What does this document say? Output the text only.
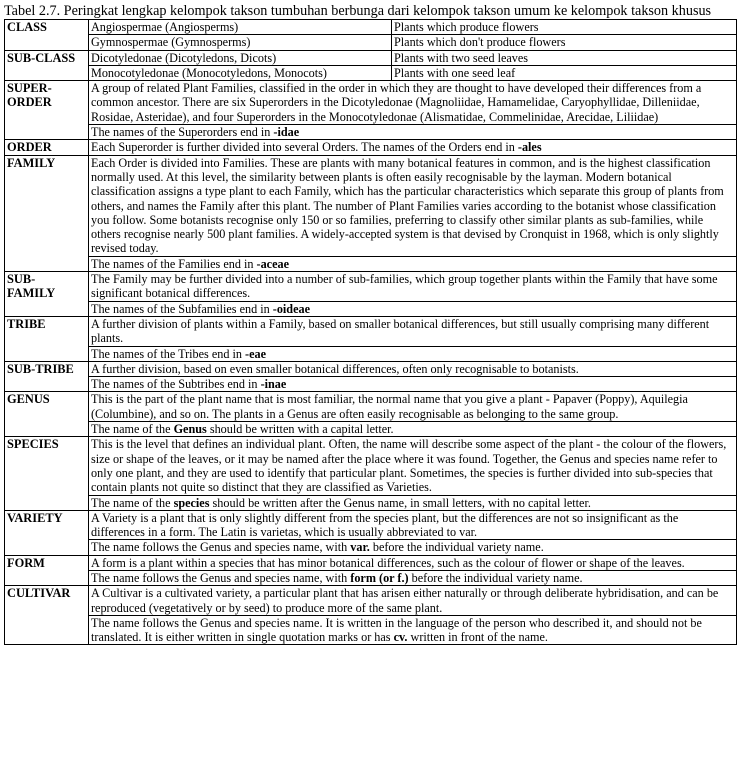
Tabel 2.7. Peringkat lengkap kelompok takson tumbuhan berbunga dari kelompok takson umum ke kelompok takson khusus
CLASS	Angiospermae (Angiosperms)	Plants which produce flowers
	Gymnospermae (Gymnosperms)	Plants which don't produce flowers
SUB-CLASS	Dicotyledonae (Dicotyledons, Dicots)	Plants with two seed leaves
	Monocotyledonae (Monocotyledons, Monocots)	Plants with one seed leaf
SUPER-
ORDER	A group of related Plant Families, classified in the order in which they are thought to have developed their differences from a common ancestor. There are six Superorders in the Dicotyledonae (Magnoliidae, Hamamelidae, Caryophyllidae, Dilleniidae, Rosidae, Asteridae), and four Superorders in the Monocotyledonae (Alismatidae, Commelinidae, Arecidae, Liliidae)	
	The names of the Superorders end in -idae	
ORDER	Each Superorder is further divided into several Orders. The names of the Orders end in -ales	
FAMILY	Each Order is divided into Families. These are plants with many botanical features in common, and is the highest classification normally used. At this level, the similarity between plants is often easily recognisable by the layman. Modern botanical classification assigns a type plant to each Family, which has the particular characteristics which separate this group of plants from others, and names the Family after this plant. The number of Plant Families varies according to the botanist whose classification you follow. Some botanists recognise only 150 or so families, preferring to classify other similar plants as sub-families, while others recognise nearly 500 plant families. A widely-accepted system is that devised by Cronquist in 1968, which is only slightly revised today.	
	The names of the Families end in -aceae	
SUB-
FAMILY	The Family may be further divided into a number of sub-families, which group together plants within the Family that have some significant botanical differences.	
	The names of the Subfamilies end in -oideae	
TRIBE	A further division of plants within a Family, based on smaller botanical differences, but still usually comprising many different plants.	
	The names of the Tribes end in -eae	
SUB-TRIBE	A further division, based on even smaller botanical differences, often only recognisable to botanists.	
	The names of the Subtribes end in -inae	
GENUS	This is the part of the plant name that is most familiar, the normal name that you give a plant - Papaver (Poppy), Aquilegia (Columbine), and so on. The plants in a Genus are often easily recognisable as belonging to the same group.	
	The name of the Genus should be written with a capital letter.	
SPECIES	This is the level that defines an individual plant. Often, the name will describe some aspect of the plant - the colour of the flowers, size or shape of the leaves, or it may be named after the place where it was found. Together, the Genus and species name refer to only one plant, and they are used to identify that particular plant. Sometimes, the species is further divided into sub-species that contain plants not quite so distinct that they are classified as Varieties.	
	The name of the species should be written after the Genus name, in small letters, with no capital letter.	
VARIETY	A Variety is a plant that is only slightly different from the species plant, but the differences are not so insignificant as the differences in a form. The Latin is varietas, which is usually abbreviated to var.	
	The name follows the Genus and species name, with var. before the individual variety name.	
FORM	A form is a plant within a species that has minor botanical differences, such as the colour of flower or shape of the leaves.	
	The name follows the Genus and species name, with form (or f.) before the individual variety name.	
CULTIVAR	A Cultivar is a cultivated variety, a particular plant that has arisen either naturally or through deliberate hybridisation, and can be reproduced (vegetatively or by seed) to produce more of the same plant.	
	The name follows the Genus and species name. It is written in the language of the person who described it, and should not be translated. It is either written in single quotation marks or has cv. written in front of the name.	
